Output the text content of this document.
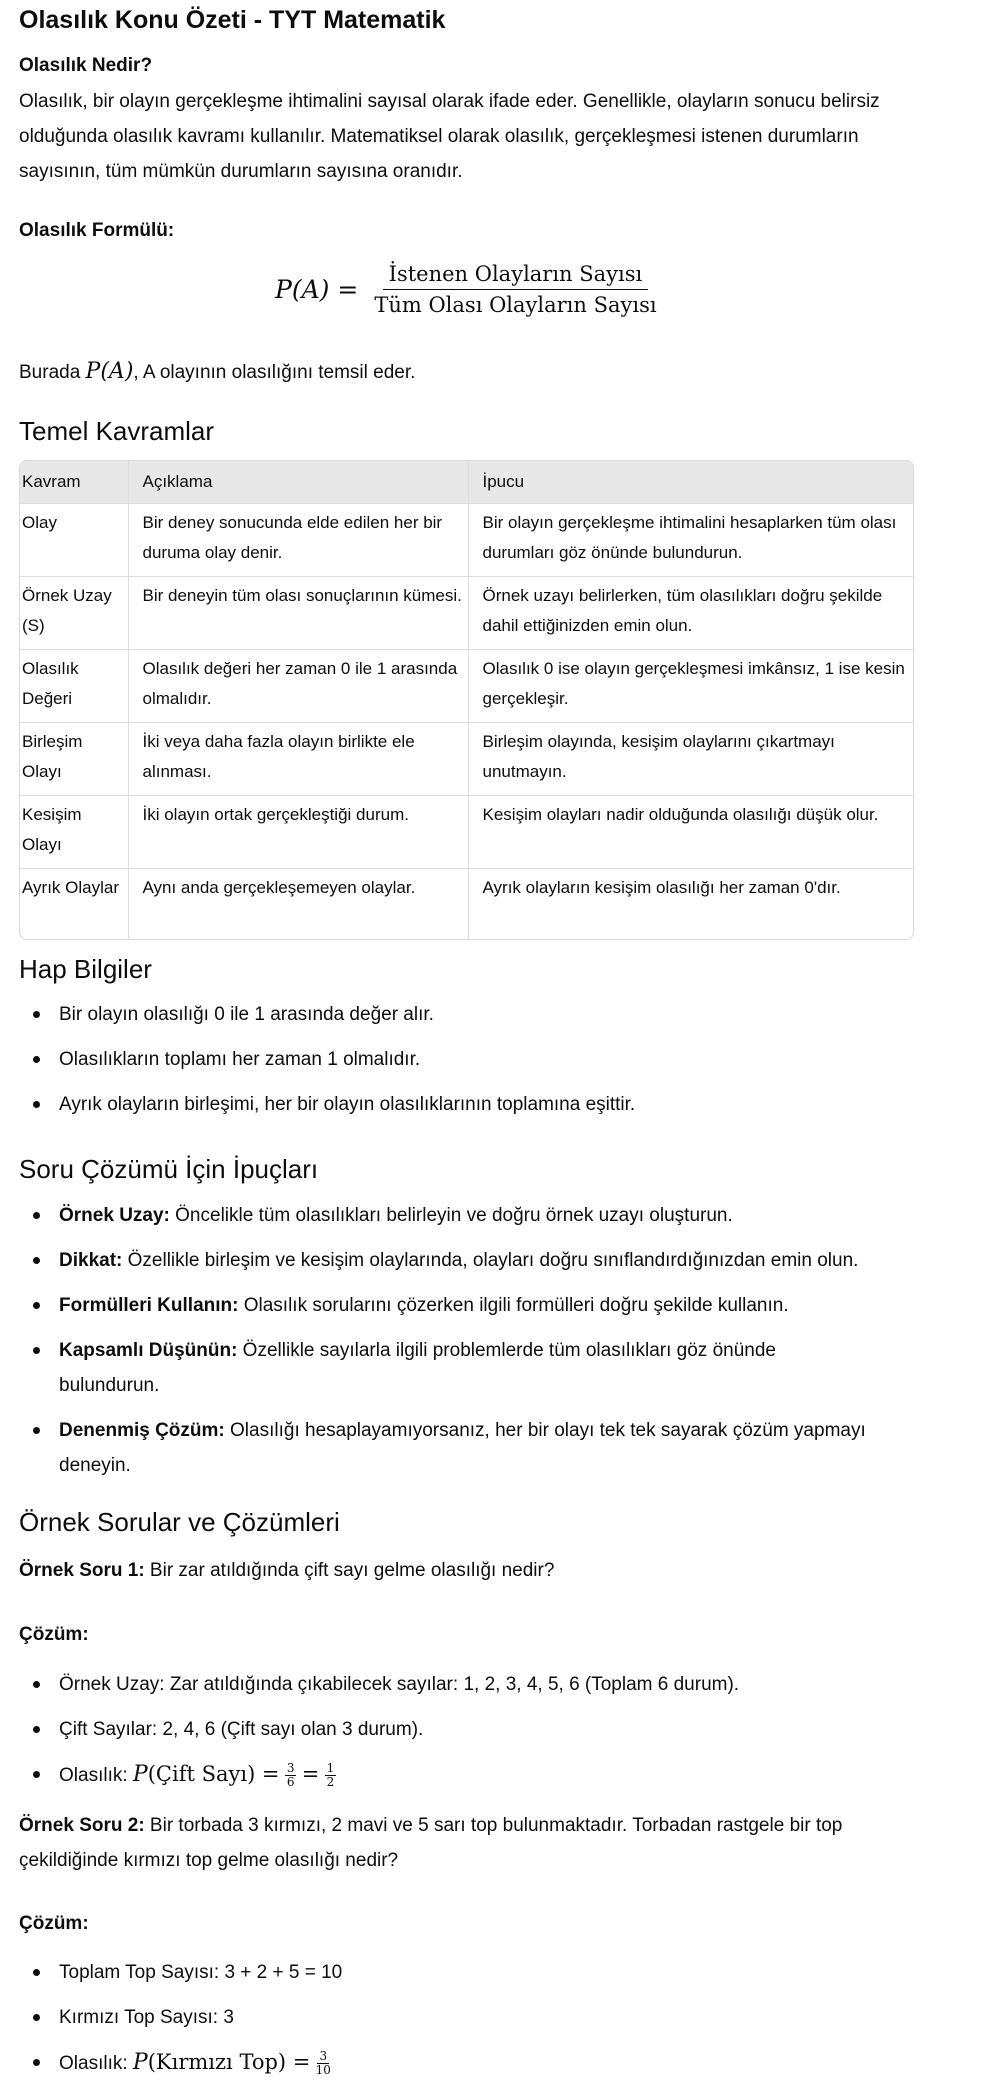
Olasılık Konu Özeti - TYT Matematik
Olasılık Nedir?
Olasılık, bir olayın gerçekleşme ihtimalini sayısal olarak ifade eder. Genellikle, olayların sonucu belirsiz olduğunda olasılık kavramı kullanılır. Matematiksel olarak olasılık, gerçekleşmesi istenen durumların sayısının, tüm mümkün durumların sayısına oranıdır.
Olasılık Formülü:
$P(A) = \frac{\text{İstenen Olayların Sayısı}}{\text{Tüm Olası Olayların Sayısı}}$
Burada P(A), A olayının olasılığını temsil eder.
Temel Kavramlar
Kavram	Açıklama	İpucu
Olay	Bir deney sonucunda elde edilen her bir duruma olay denir.	Bir olayın gerçekleşme ihtimalini hesaplarken tüm olası durumları göz önünde bulundurun.
Örnek Uzay (S)	Bir deneyin tüm olası sonuçlarının kümesi.	Örnek uzayı belirlerken, tüm olasılıkları doğru şekilde dahil ettiğinizden emin olun.
Olasılık Değeri	Olasılık değeri her zaman 0 ile 1 arasında olmalıdır.	Olasılık 0 ise olayın gerçekleşmesi imkânsız, 1 ise kesin gerçekleşir.
Birleşim Olayı	İki veya daha fazla olayın birlikte ele alınması.	Birleşim olayında, kesişim olaylarını çıkartmayı unutmayın.
Kesişim Olayı	İki olayın ortak gerçekleştiği durum.	Kesişim olayları nadir olduğunda olasılığı düşük olur.
Ayrık Olaylar	Aynı anda gerçekleşemeyen olaylar.	Ayrık olayların kesişim olasılığı her zaman 0'dır.
Hap Bilgiler
Bir olayın olasılığı 0 ile 1 arasında değer alır.
Olasılıkların toplamı her zaman 1 olmalıdır.
Ayrık olayların birleşimi, her bir olayın olasılıklarının toplamına eşittir.
Soru Çözümü İçin İpuçları
Örnek Uzay: Öncelikle tüm olasılıkları belirleyin ve doğru örnek uzayı oluşturun.
Dikkat: Özellikle birleşim ve kesişim olaylarında, olayları doğru sınıflandırdığınızdan emin olun.
Formülleri Kullanın: Olasılık sorularını çözerken ilgili formülleri doğru şekilde kullanın.
Kapsamlı Düşünün: Özellikle sayılarla ilgili problemlerde tüm olasılıkları göz önünde bulundurun.
Denenmiş Çözüm: Olasılığı hesaplayamıyorsanız, her bir olayı tek tek sayarak çözüm yapmayı deneyin.
Örnek Sorular ve Çözümleri
Örnek Soru 1: Bir zar atıldığında çift sayı gelme olasılığı nedir?
Çözüm:
Örnek Uzay: Zar atıldığında çıkabilecek sayılar: 1, 2, 3, 4, 5, 6 (Toplam 6 durum).
Çift Sayılar: 2, 4, 6 (Çift sayı olan 3 durum).
Olasılık: P(Çift Sayı) = $\frac{3}{6} = \frac{1}{2}$
Örnek Soru 2: Bir torbada 3 kırmızı, 2 mavi ve 5 sarı top bulunmaktadır. Torbadan rastgele bir top çekildiğinde kırmızı top gelme olasılığı nedir?
Çözüm:
Toplam Top Sayısı: 3 + 2 + 5 = 10
Kırmızı Top Sayısı: 3
Olasılık: P(Kırmızı $Top) = \frac{3}{10}$
